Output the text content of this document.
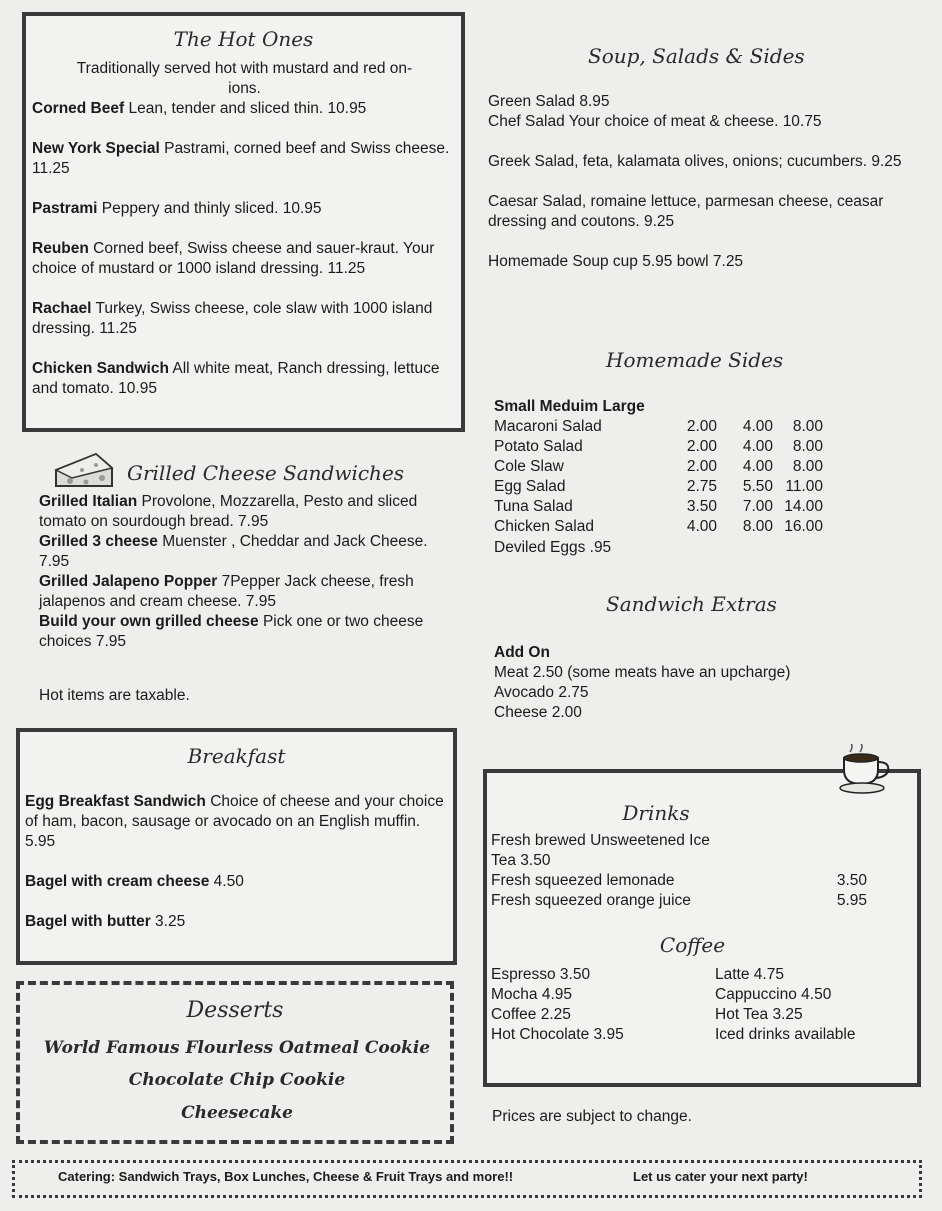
The Hot Ones
Traditionally served hot with mustard and red on-
ions.
Corned Beef Lean, tender and sliced thin. 10.95
New York Special Pastrami, corned beef and Swiss cheese. 11.25
Pastrami Peppery and thinly sliced. 10.95
Reuben Corned beef, Swiss cheese and sauer-kraut. Your choice of mustard or 1000 island dressing. 11.25
Rachael Turkey, Swiss cheese, cole slaw with 1000 island dressing. 11.25
Chicken Sandwich All white meat, Ranch dressing, lettuce and tomato. 10.95
Grilled Cheese Sandwiches
Grilled Italian Provolone, Mozzarella, Pesto and sliced tomato on sourdough bread. 7.95
Grilled 3 cheese Muenster , Cheddar and Jack Cheese. 7.95
Grilled Jalapeno Popper 7Pepper Jack cheese, fresh jalapenos and cream cheese. 7.95
Build your own grilled cheese Pick one or two cheese choices 7.95
Hot items are taxable.
Breakfast
Egg Breakfast Sandwich Choice of cheese and your choice of ham, bacon, sausage or avocado on an English muffin. 5.95
Bagel with cream cheese 4.50
Bagel with butter 3.25
Desserts
World Famous Flourless Oatmeal Cookie
Chocolate Chip Cookie
Cheesecake
Soup, Salads & Sides
Green Salad 8.95
Chef Salad Your choice of meat & cheese. 10.75
Greek Salad, feta, kalamata olives, onions; cucumbers. 9.25
Caesar Salad, romaine lettuce, parmesan cheese, ceasar dressing and coutons. 9.25
Homemade Soup cup 5.95 bowl 7.25
Homemade Sides
Small Meduim Large
Macaroni Salad	2.00	4.00	8.00
Potato Salad	2.00	4.00	8.00
Cole Slaw	2.00	4.00	8.00
Egg Salad	2.75	5.50	11.00
Tuna Salad	3.50	7.00	14.00
Chicken Salad	4.00	8.00	16.00
Deviled Eggs .95
Sandwich Extras
Add On
Meat 2.50 (some meats have an upcharge)
Avocado 2.75
Cheese 2.00
Drinks
Fresh brewed Unsweetened Ice
Tea 3.50
Fresh squeezed lemonade	3.50
Fresh squeezed orange juice	5.95
Coffee
Espresso 3.50
Mocha 4.95
Coffee 2.25
Hot Chocolate 3.95
Latte 4.75
Cappuccino 4.50
Hot Tea 3.25
Iced drinks available
Prices are subject to change.
Catering: Sandwich Trays, Box Lunches, Cheese & Fruit Trays and more!!	Let us cater your next party!
